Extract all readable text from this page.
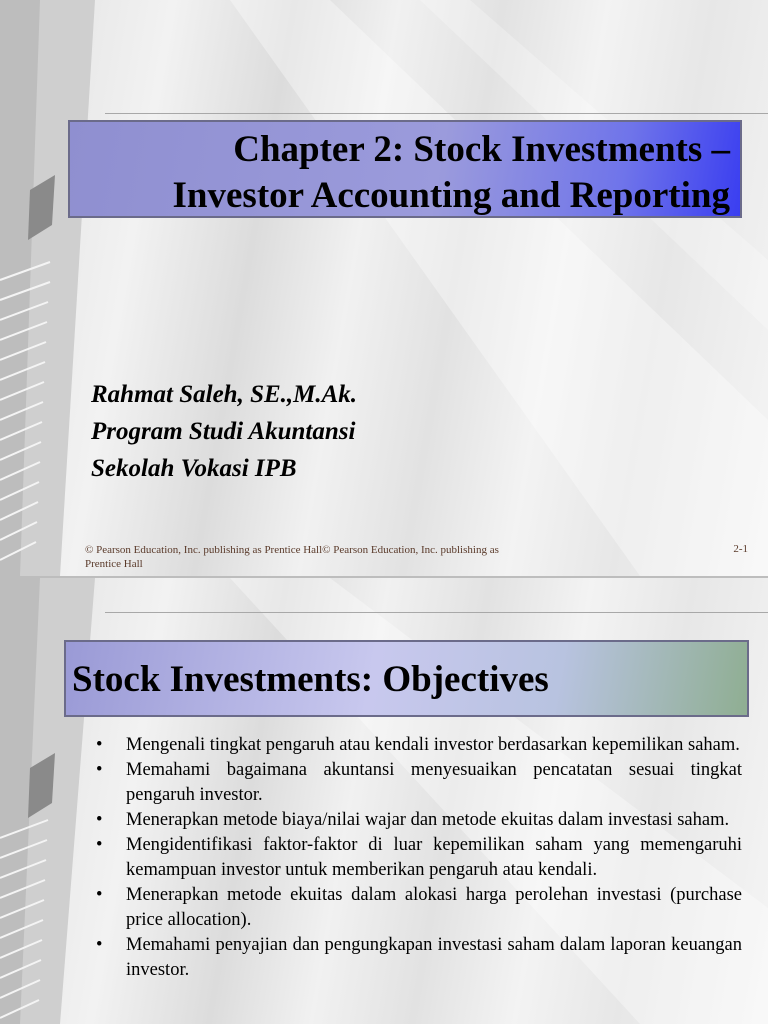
Chapter 2: Stock Investments –
Investor Accounting and Reporting
Rahmat Saleh, SE.,M.Ak.
Program Studi Akuntansi
Sekolah Vokasi IPB
© Pearson Education, Inc. publishing as Prentice Hall© Pearson Education, Inc. publishing as Prentice Hall
2-1
Stock Investments: Objectives
• Mengenali tingkat pengaruh atau kendali investor berdasarkan kepemilikan saham.
• Memahami bagaimana akuntansi menyesuaikan pencatatan sesuai tingkat pengaruh investor.
• Menerapkan metode biaya/nilai wajar dan metode ekuitas dalam investasi saham.
• Mengidentifikasi faktor-faktor di luar kepemilikan saham yang memengaruhi kemampuan investor untuk memberikan pengaruh atau kendali.
• Menerapkan metode ekuitas dalam alokasi harga perolehan investasi (purchase price allocation).
• Memahami penyajian dan pengungkapan investasi saham dalam laporan keuangan investor.
